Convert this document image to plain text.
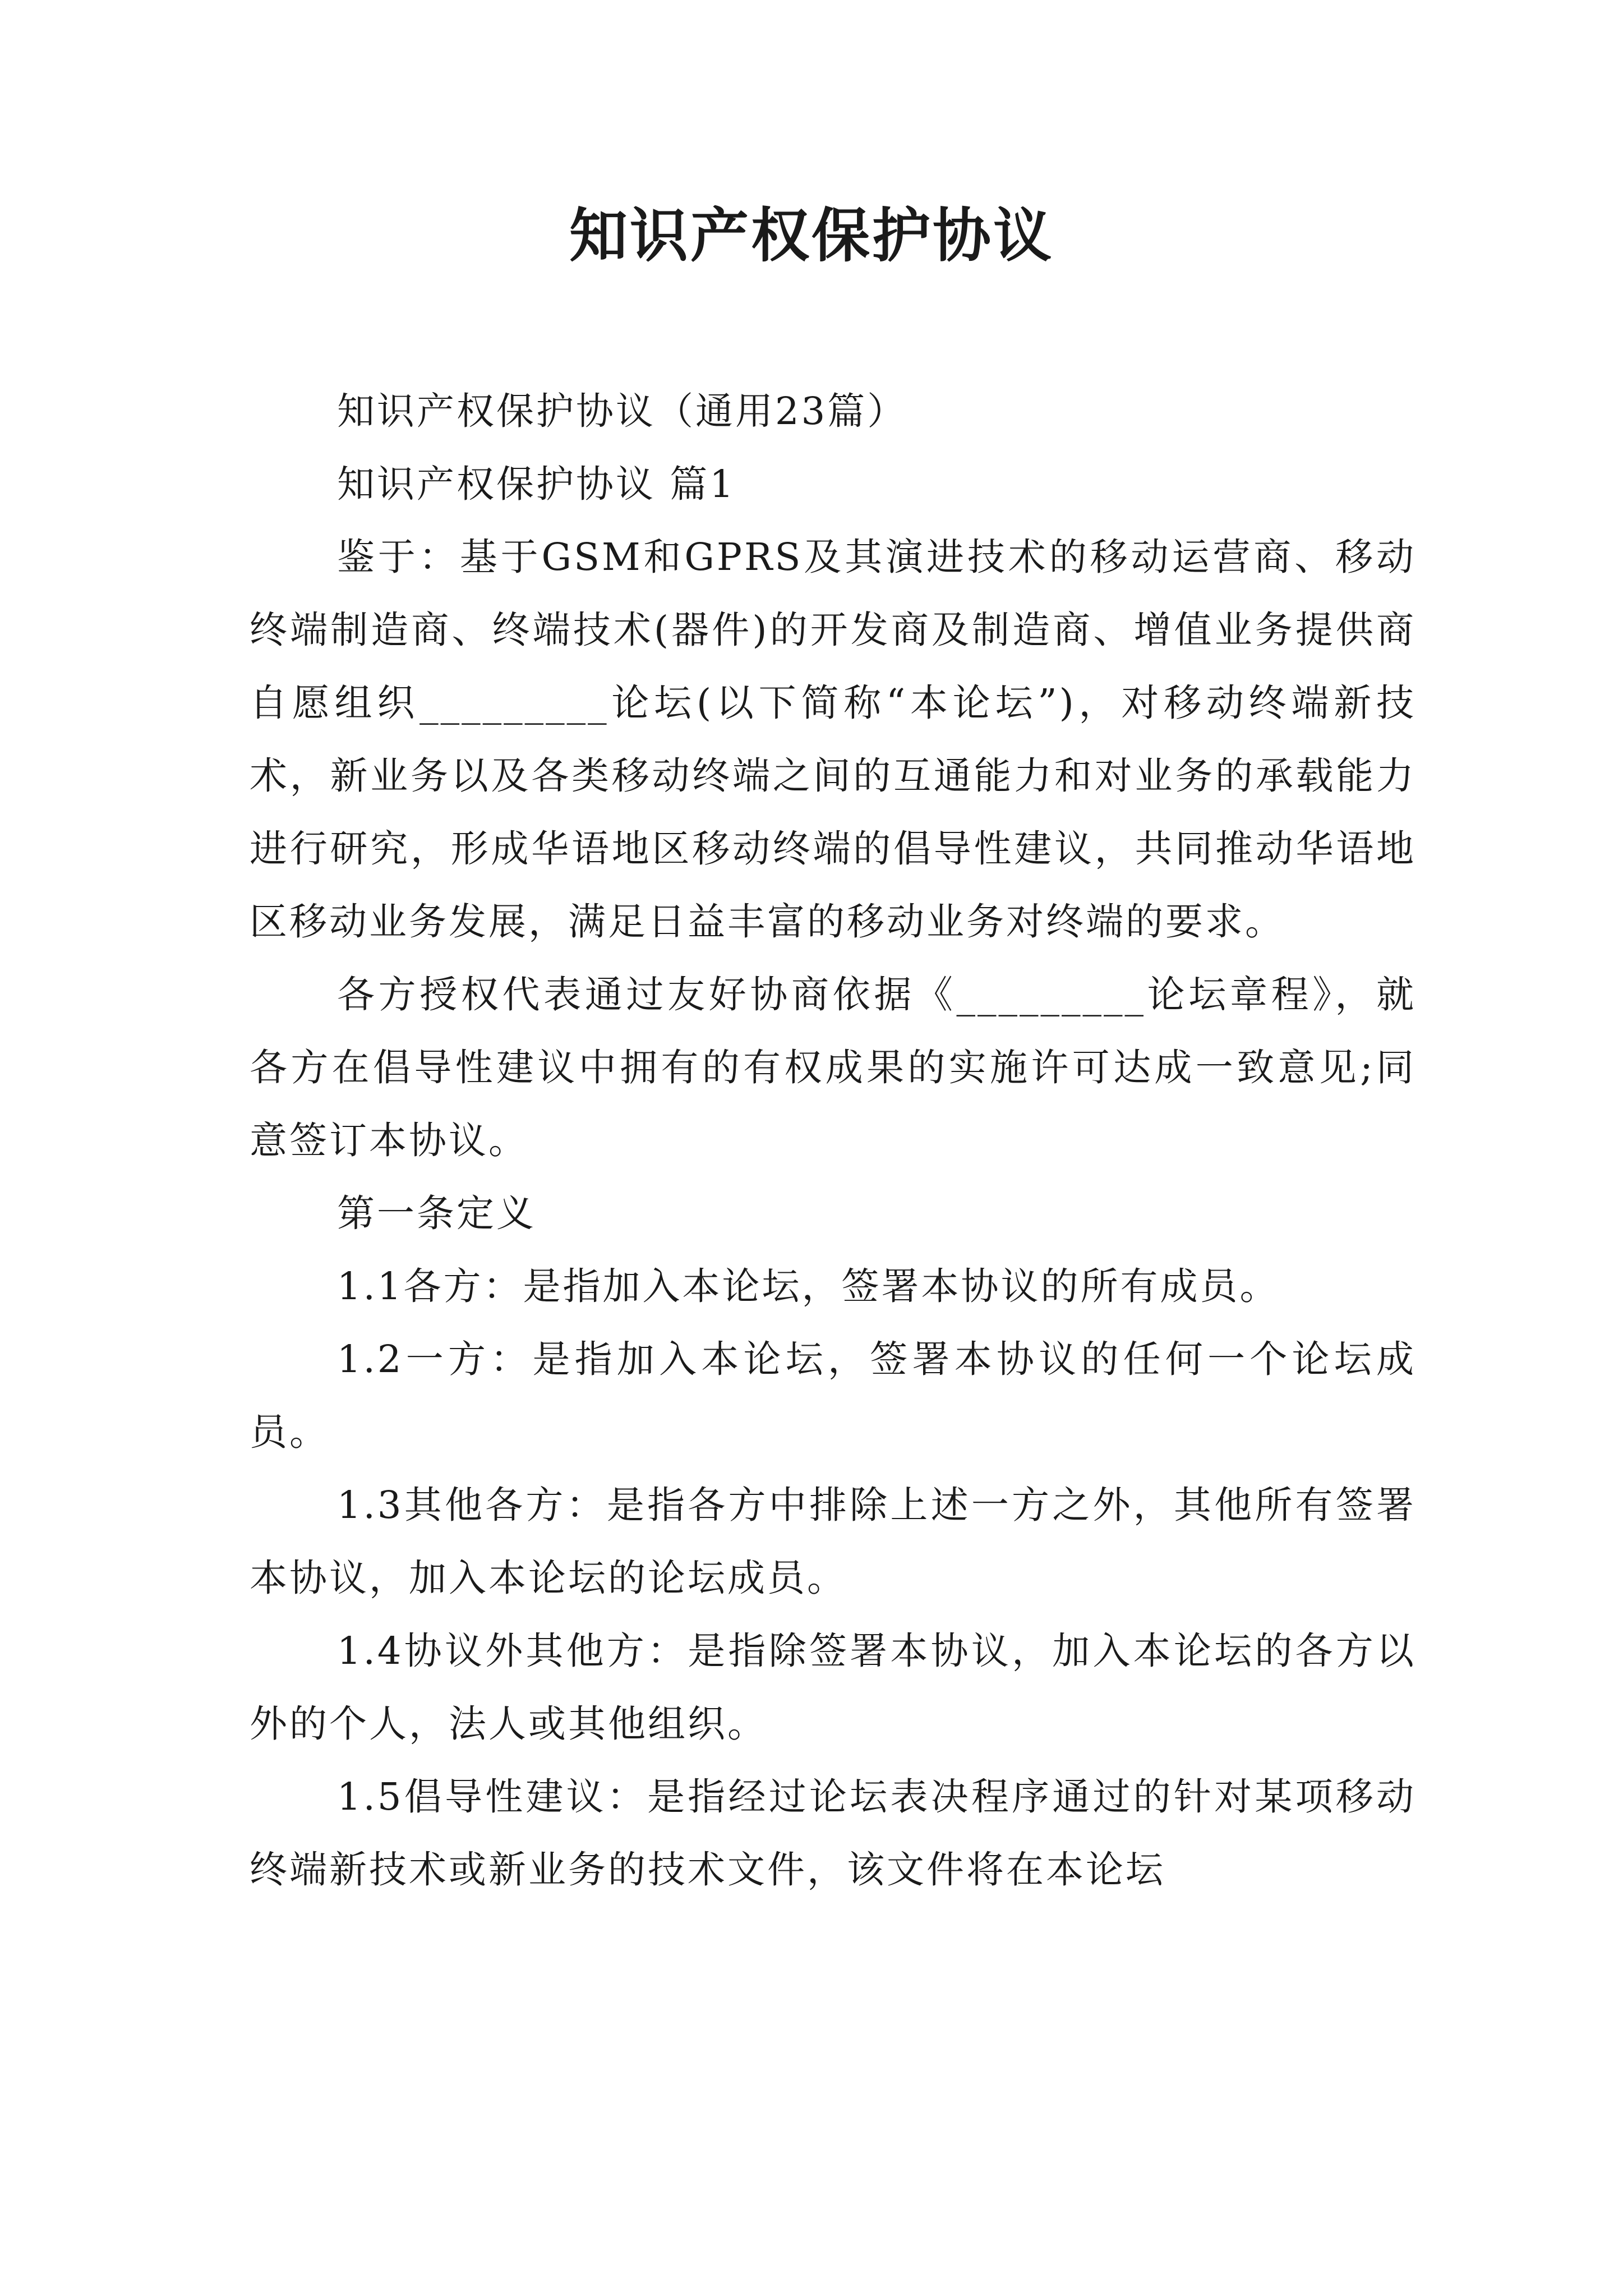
知识产权保护协议

知识产权保护协议（通用23篇）

知识产权保护协议 篇1

鉴于：基于GSM和GPRS及其演进技术的移动运营商、移动终端制造商、终端技术(器件)的开发商及制造商、增值业务提供商自愿组织_________论坛(以下简称“本论坛”)，对移动终端新技术，新业务以及各类移动终端之间的互通能力和对业务的承载能力进行研究，形成华语地区移动终端的倡导性建议，共同推动华语地区移动业务发展，满足日益丰富的移动业务对终端的要求。

各方授权代表通过友好协商依据《_________论坛章程》，就各方在倡导性建议中拥有的有权成果的实施许可达成一致意见;同意签订本协议。

第一条定义

1.1各方：是指加入本论坛，签署本协议的所有成员。

1.2一方：是指加入本论坛，签署本协议的任何一个论坛成员。

1.3其他各方：是指各方中排除上述一方之外，其他所有签署本协议，加入本论坛的论坛成员。

1.4协议外其他方：是指除签署本协议，加入本论坛的各方以外的个人，法人或其他组织。

1.5倡导性建议：是指经过论坛表决程序通过的针对某项移动终端新技术或新业务的技术文件，该文件将在本论坛
